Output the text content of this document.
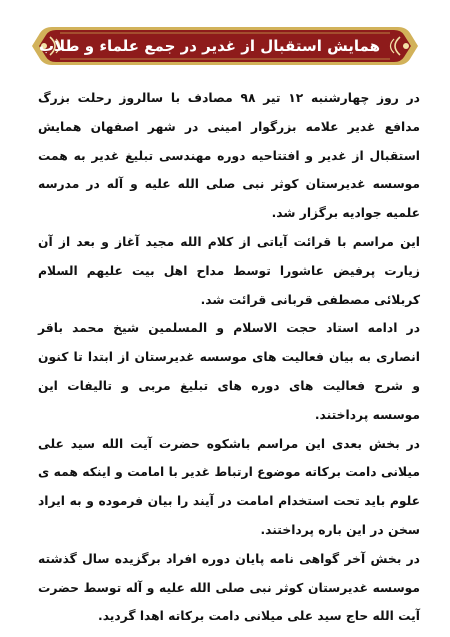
همایش استقبال از غدیر در جمع علماء و طلاب

در روز چهارشنبه ۱۲ تیر ۹۸ مصادف با سالروز رحلت بزرگ مدافع غدیر علامه بزرگوار امینی در شهر اصفهان همایش استقبال از غدیر و افتتاحیه دوره مهندسی تبلیغ غدیر به همت موسسه غدیرستان کوثر نبی صلی الله علیه و آله در مدرسه علمیه جوادیه برگزار شد.

این مراسم با قرائت آیاتی از کلام الله مجید آغاز و بعد از آن زیارت پرفیض عاشورا توسط مداح اهل بیت علیهم السلام کربلائی مصطفی قربانی قرائت شد.

در ادامه استاد حجت الاسلام و المسلمین شیخ محمد باقر انصاری به بیان فعالیت های موسسه غدیرستان از ابتدا تا کنون و شرح فعالیت های دوره های تبلیغ مربی و تالیفات این موسسه پرداختند.

در بخش بعدی این مراسم باشکوه حضرت آیت الله سید علی میلانی دامت برکاته موضوع ارتباط غدیر با امامت و اینکه همه ی علوم باید تحت استخدام امامت در آیند را بیان فرموده و به ایراد سخن در این باره پرداختند.

در بخش آخر گواهی نامه پایان دوره افراد برگزیده سال گذشته موسسه غدیرستان کوثر نبی صلی الله علیه و آله توسط حضرت آیت الله حاج سید علی میلانی دامت برکاته اهدا گردید.
